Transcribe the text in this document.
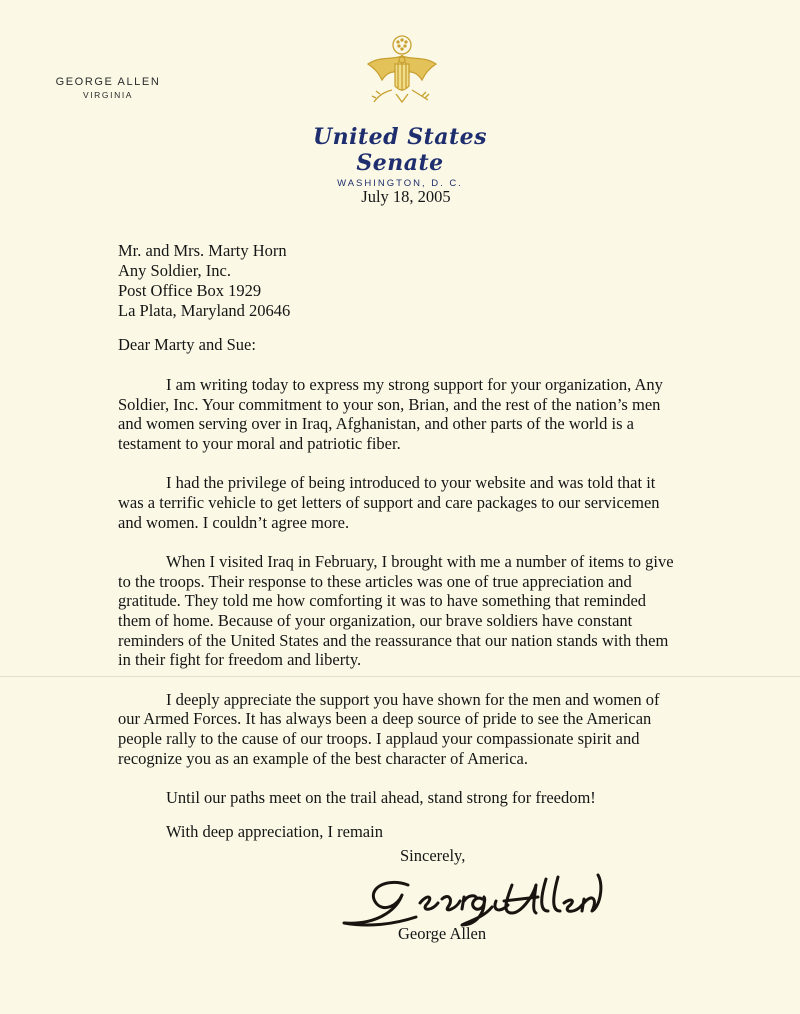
GEORGE ALLEN
VIRGINIA
United States Senate
WASHINGTON, D. C.
July 18, 2005
Mr. and Mrs. Marty Horn
Any Soldier, Inc.
Post Office Box 1929
La Plata, Maryland 20646
Dear Marty and Sue:

I am writing today to express my strong support for your organization, Any Soldier, Inc. Your commitment to your son, Brian, and the rest of the nation’s men and women serving over in Iraq, Afghanistan, and other parts of the world is a testament to your moral and patriotic fiber.

I had the privilege of being introduced to your website and was told that it was a terrific vehicle to get letters of support and care packages to our servicemen and women. I couldn’t agree more.

When I visited Iraq in February, I brought with me a number of items to give to the troops. Their response to these articles was one of true appreciation and gratitude. They told me how comforting it was to have something that reminded them of home. Because of your organization, our brave soldiers have constant reminders of the United States and the reassurance that our nation stands with them in their fight for freedom and liberty.

I deeply appreciate the support you have shown for the men and women of our Armed Forces. It has always been a deep source of pride to see the American people rally to the cause of our troops. I applaud your compassionate spirit and recognize you as an example of the best character of America.

Until our paths meet on the trail ahead, stand strong for freedom!

With deep appreciation, I remain

Sincerely,
George Allen
